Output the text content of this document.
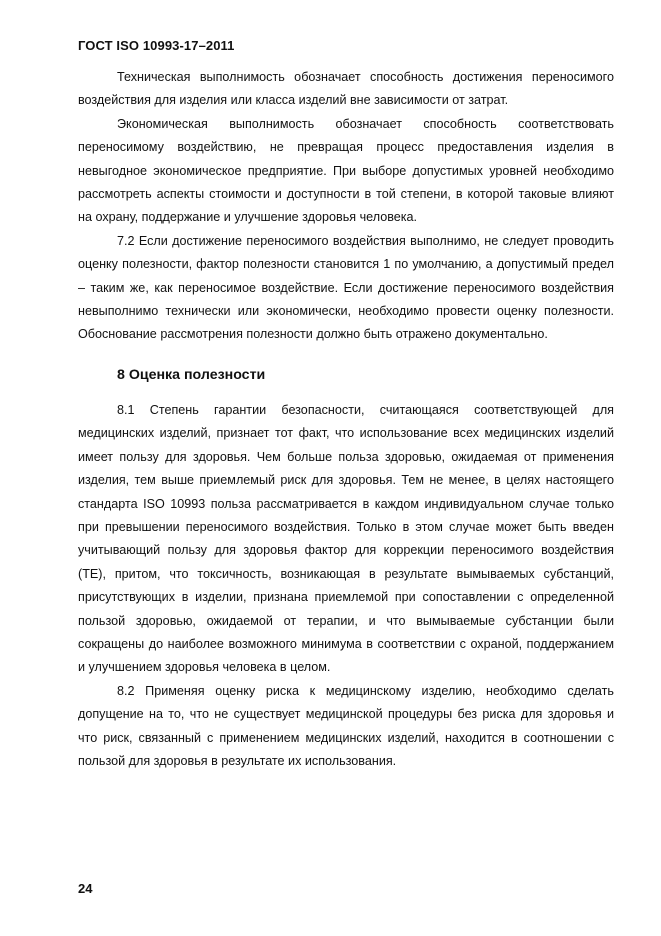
ГОСТ ISO 10993-17–2011

Техническая выполнимость обозначает способность достижения переносимого воздействия для изделия или класса изделий вне зависимости от затрат.

Экономическая выполнимость обозначает способность соответствовать переносимому воздействию, не превращая процесс предоставления изделия в невыгодное экономическое предприятие. При выборе допустимых уровней необходимо рассмотреть аспекты стоимости и доступности в той степени, в которой таковые влияют на охрану, поддержание и улучшение здоровья человека.

7.2 Если достижение переносимого воздействия выполнимо, не следует проводить оценку полезности, фактор полезности становится 1 по умолчанию, а допустимый предел – таким же, как переносимое воздействие. Если достижение переносимого воздействия невыполнимо технически или экономически, необходимо провести оценку полезности. Обоснование рассмотрения полезности должно быть отражено документально.

8 Оценка полезности

8.1 Степень гарантии безопасности, считающаяся соответствующей для медицинских изделий, признает тот факт, что использование всех медицинских изделий имеет пользу для здоровья. Чем больше польза здоровью, ожидаемая от применения изделия, тем выше приемлемый риск для здоровья. Тем не менее, в целях настоящего стандарта ISO 10993 польза рассматривается в каждом индивидуальном случае только при превышении переносимого воздействия. Только в этом случае может быть введен учитывающий пользу для здоровья фактор для коррекции переносимого воздействия (TE), притом, что токсичность, возникающая в результате вымываемых субстанций, присутствующих в изделии, признана приемлемой при сопоставлении с определенной пользой здоровью, ожидаемой от терапии, и что вымываемые субстанции были сокращены до наиболее возможного минимума в соответствии с охраной, поддержанием и улучшением здоровья человека в целом.

8.2 Применяя оценку риска к медицинскому изделию, необходимо сделать допущение на то, что не существует медицинской процедуры без риска для здоровья и что риск, связанный с применением медицинских изделий, находится в соотношении с пользой для здоровья в результате их использования.

24
